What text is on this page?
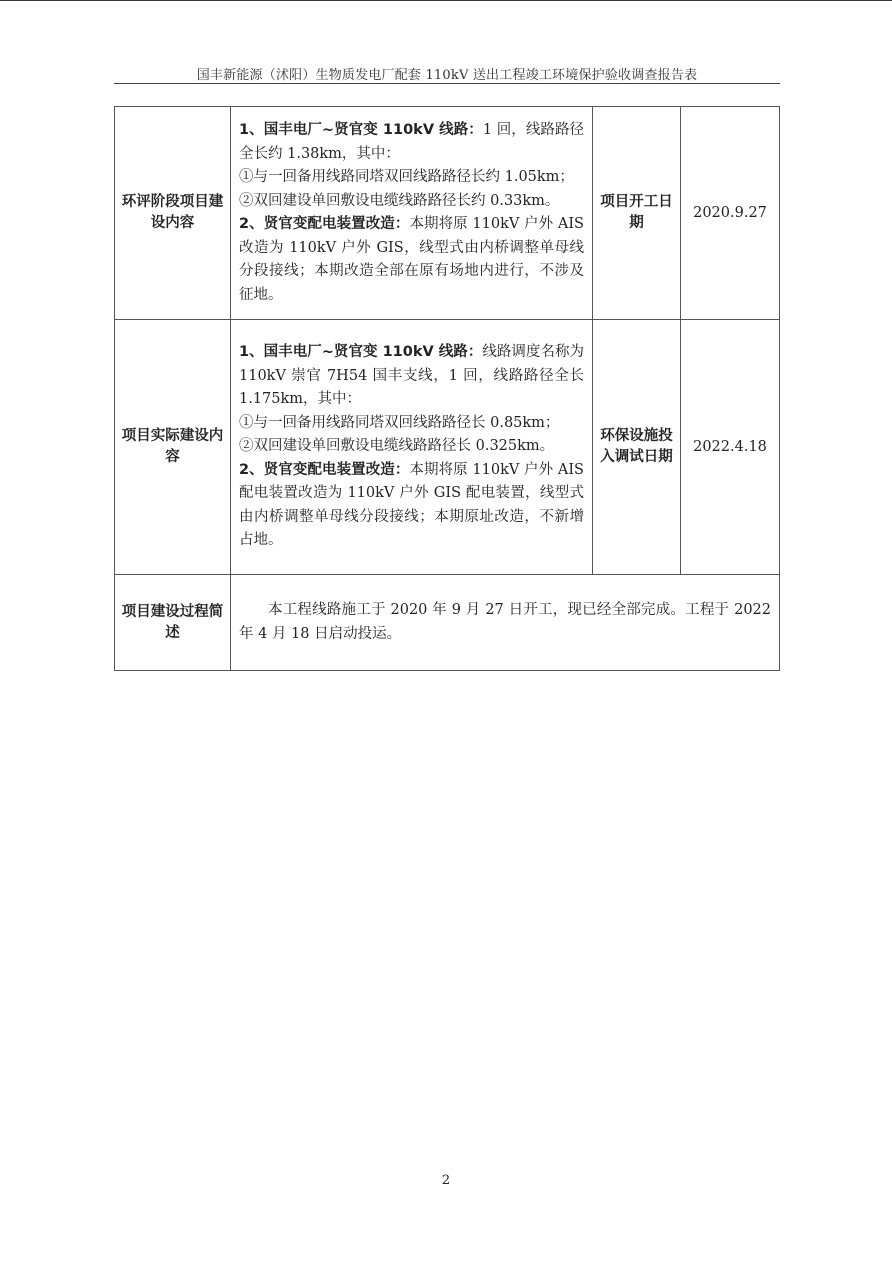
国丰新能源（沭阳）生物质发电厂配套 110kV 送出工程竣工环境保护验收调查报告表
环评阶段项目建设内容	1、国丰电厂~贤官变 110kV 线路：1 回，线路路径全长约 1.38km，其中：

①与一回备用线路同塔双回线路路径长约 1.05km；

②双回建设单回敷设电缆线路路径长约 0.33km。

2、贤官变配电装置改造：本期将原 110kV 户外 AIS 改造为 110kV 户外 GIS，线型式由内桥调整单母线分段接线；本期改造全部在原有场地内进行，不涉及征地。	项目开工日期	2020.9.27
项目实际建设内容	1、国丰电厂~贤官变 110kV 线路：线路调度名称为 110kV 崇官 7H54 国丰支线，1 回，线路路径全长 1.175km，其中：

①与一回备用线路同塔双回线路路径长 0.85km；

②双回建设单回敷设电缆线路路径长 0.325km。

2、贤官变配电装置改造：本期将原 110kV 户外 AIS 配电装置改造为 110kV 户外 GIS 配电装置，线型式由内桥调整单母线分段接线；本期原址改造，不新增占地。	环保设施投入调试日期	2022.4.18
项目建设过程简述	本工程线路施工于 2020 年 9 月 27 日开工，现已经全部完成。工程于 2022 年 4 月 18 日启动投运。		
2
